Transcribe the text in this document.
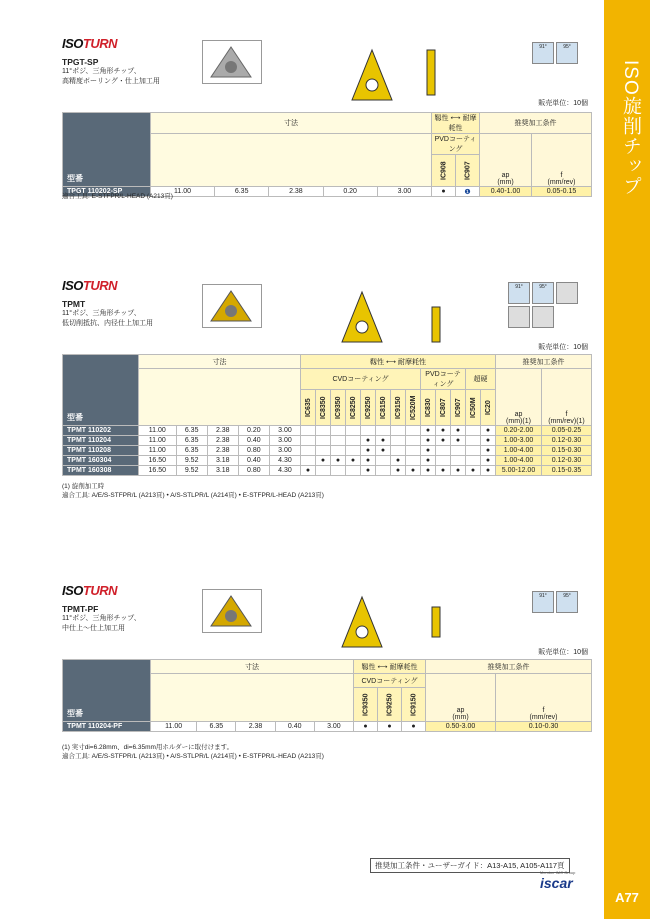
ISO旋削チップ
A77
ISOTURN
TPGT-SP
11°ポジ、三角形チップ、
高精度ボーリング・仕上加工用
91°	95°
販売単位：10個
型番	寸法					靱性 ⟷ 耐摩耗性		推奨加工条件	
						PVDコーティング		ap
(mm)	f
(mm/rev)
						IC908	IC907		
TPGT 110202-SP	11.00	6.35	2.38	0.20	3.00	●	❶	0.40-1.00	0.05-0.15
適合工具: E-STFPR/L-HEAD (A213頁)
ISOTURN
TPMT
11°ポジ、三角形チップ、
低切削抵抗、内径仕上加工用
91°	95°
販売単位：10個
型番	寸法					靱性 ⟷ 耐摩耗性													推奨加工条件	
						CVDコーティング								PVDコーティング			超硬		ap
(mm)(1)	f
(mm/rev)(1)
						IC635	IC8350	IC9350	IC8250	IC9250	IC8150	IC9150	IC520M	IC830	IC807	IC907	IC50M	IC20		
TPMT 110202	11.00	6.35	2.38	0.20	3.00									●	●	●		●	0.20-2.00	0.05-0.25
TPMT 110204	11.00	6.35	2.38	0.40	3.00					●	●			●	●	●		●	1.00-3.00	0.12-0.30
TPMT 110208	11.00	6.35	2.38	0.80	3.00					●	●			●				●	1.00-4.00	0.15-0.30
TPMT 160304	16.50	9.52	3.18	0.40	4.30		●	●	●	●		●		●				●	1.00-4.00	0.12-0.30
TPMT 160308	16.50	9.52	3.18	0.80	4.30	●				●		●	●	●	●	●	●	●	5.00-12.00	0.15-0.35
(1) 旋削加工時
適合工具: A/E/S-STFPR/L (A213頁) • A/S-STLPR/L (A214頁) • E-STFPR/L-HEAD (A213頁)
ISOTURN
TPMT-PF
11°ポジ、三角形チップ、
中仕上～仕上加工用
91°	95°
販売単位：10個
型番	寸法					靱性 ⟷ 耐摩耗性			推奨加工条件	
						CVDコーティング			ap
(mm)	f
(mm/rev)
						IC9350	IC9250	IC9150		
TPMT 110204-PF	11.00	6.35	2.38	0.40	3.00	●	●	●	0.50-3.00	0.10-0.30
(1) 実寸di=6.28mm、di=6.35mm用ホルダーに取付けます。
適合工具: A/E/S-STFPR/L (A213頁) • A/S-STLPR/L (A214頁) • E-STFPR/L-HEAD (A213頁)
推奨加工条件・ユーザーガイド：A13-A15, A105-A117頁
Member IMC Group
iscar
